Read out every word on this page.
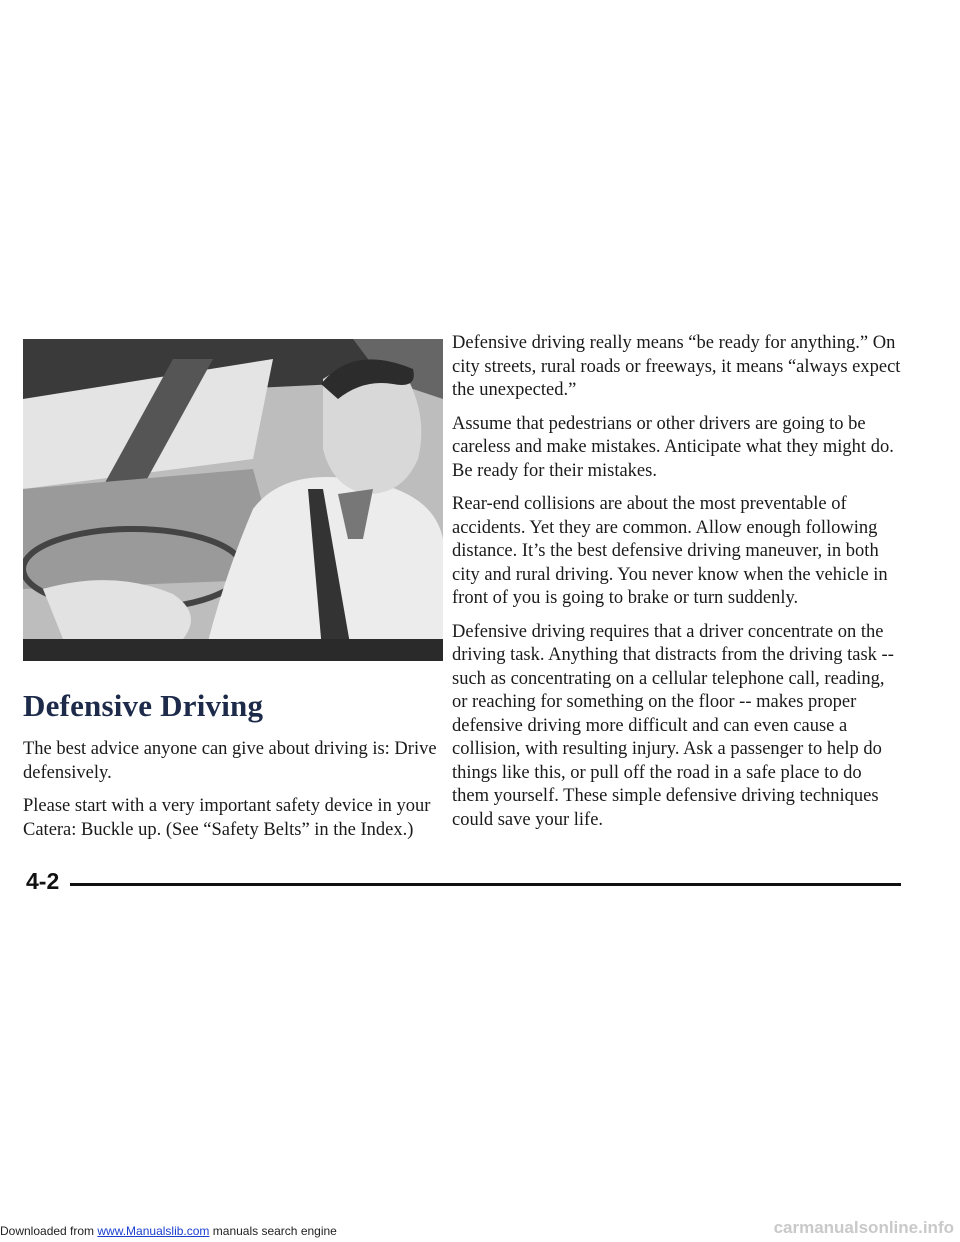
Defensive Driving

The best advice anyone can give about driving is: Drive defensively.

Please start with a very important safety device in your Catera: Buckle up. (See “Safety Belts” in the Index.)

Defensive driving really means “be ready for anything.” On city streets, rural roads or freeways, it means “always expect the unexpected.”

Assume that pedestrians or other drivers are going to be careless and make mistakes. Anticipate what they might do. Be ready for their mistakes.

Rear-end collisions are about the most preventable of accidents. Yet they are common. Allow enough following distance. It’s the best defensive driving maneuver, in both city and rural driving. You never know when the vehicle in front of you is going to brake or turn suddenly.

Defensive driving requires that a driver concentrate on the driving task. Anything that distracts from the driving task -- such as concentrating on a cellular telephone call, reading, or reaching for something on the floor -- makes proper defensive driving more difficult and can even cause a collision, with resulting injury. Ask a passenger to help do things like this, or pull off the road in a safe place to do them yourself. These simple defensive driving techniques could save your life.

4-2
Downloaded from www.Manualslib.com manuals search engine	carmanualsonline.info
